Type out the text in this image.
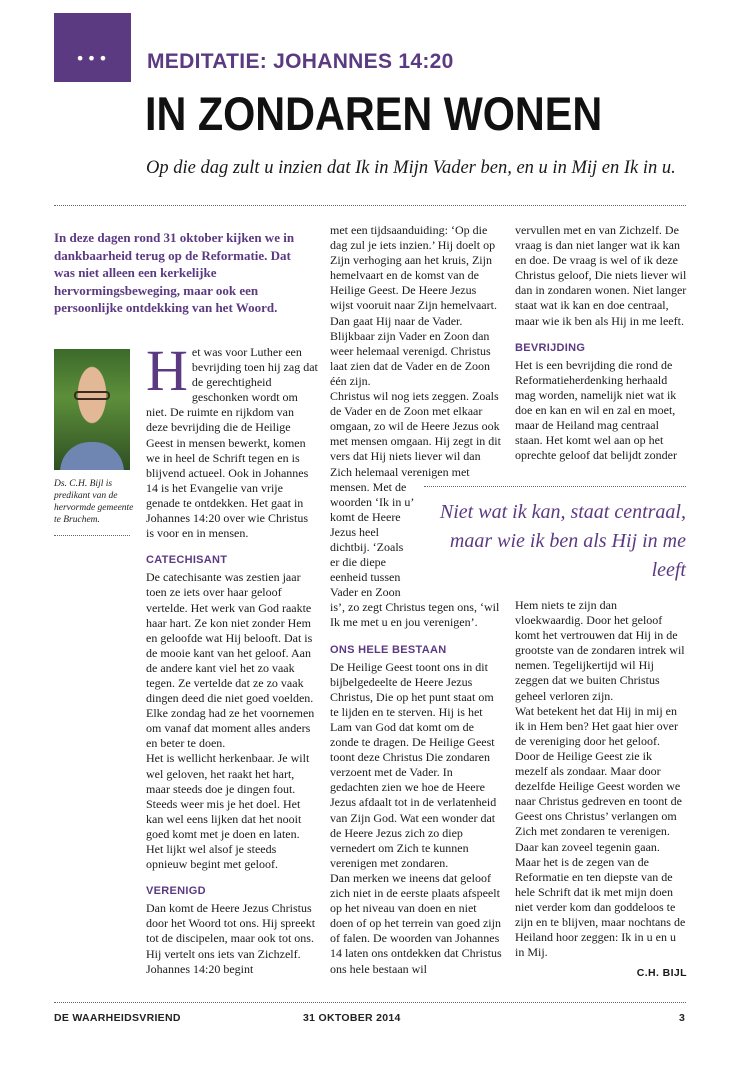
•••	MEDITATIE: JOHANNES 14:20
IN ZONDAREN WONEN
Op die dag zult u inzien dat Ik in Mijn Vader ben, en u in Mij en Ik in u.
In deze dagen rond 31 oktober kijken we in dankbaarheid terug op de Reformatie. Dat was niet alleen een kerkelijke hervormingsbeweging, maar ook een persoonlijke ontdekking van het Woord.
Ds. C.H. Bijl is predikant van de hervormde gemeente te Bruchem.

Het was voor Luther een bevrijding toen hij zag dat de gerechtigheid geschonken wordt om niet. De ruimte en rijkdom van deze bevrijding die de Heilige Geest in mensen bewerkt, komen we in heel de Schrift tegen en is blijvend actueel. Ook in Johannes 14 is het Evangelie van vrije genade te ontdekken. Het gaat in Johannes 14:20 over wie Christus is voor en in mensen.

CATECHISANT

De catechisante was zestien jaar toen ze iets over haar geloof vertelde. Het werk van God raakte haar hart. Ze kon niet zonder Hem en geloofde wat Hij belooft. Dat is de mooie kant van het geloof. Aan de andere kant viel het zo vaak tegen. Ze vertelde dat ze zo vaak dingen deed die niet goed voelden. Elke zondag had ze het voornemen om vanaf dat moment alles anders en beter te doen.

Het is wellicht herkenbaar. Je wilt wel geloven, het raakt het hart, maar steeds doe je dingen fout. Steeds weer mis je het doel. Het kan wel eens lijken dat het nooit goed komt met je doen en laten. Het lijkt wel alsof je steeds opnieuw begint met geloof.

VERENIGD

Dan komt de Heere Jezus Christus door het Woord tot ons. Hij spreekt tot de discipelen, maar ook tot ons. Hij vertelt ons iets van Zichzelf. Johannes 14:20 begint

met een tijdsaanduiding: ‘Op die dag zul je iets inzien.’ Hij doelt op Zijn verhoging aan het kruis, Zijn hemelvaart en de komst van de Heilige Geest. De Heere Jezus wijst vooruit naar Zijn hemelvaart. Dan gaat Hij naar de Vader. Blijkbaar zijn Vader en Zoon dan weer helemaal verenigd. Christus laat zien dat de Vader en de Zoon één zijn.

Christus wil nog iets zeggen. Zoals de Vader en de Zoon met elkaar omgaan, zo wil de Heere Jezus ook met mensen omgaan. Hij zegt in dit vers dat Hij niets liever wil dan Zich helemaal verenigen met mensen. Met de

woorden ‘Ik in u’ komt de Heere Jezus heel dichtbij. ‘Zoals er die diepe eenheid tussen Vader en Zoon

is’, zo zegt Christus tegen ons, ‘wil Ik me met u en jou verenigen’.

ONS HELE BESTAAN

De Heilige Geest toont ons in dit bijbelgedeelte de Heere Jezus Christus, Die op het punt staat om te lijden en te sterven. Hij is het Lam van God dat komt om de zonde te dragen. De Heilige Geest toont deze Christus Die zondaren verzoent met de Vader. In gedachten zien we hoe de Heere Jezus afdaalt tot in de verlatenheid van Zijn God. Wat een wonder dat de Heere Jezus zich zo diep vernedert om Zich te kunnen verenigen met zondaren.

Dan merken we ineens dat geloof zich niet in de eerste plaats afspeelt op het niveau van doen en niet doen of op het terrein van goed zijn of falen. De woorden van Johannes 14 laten ons ontdekken dat Christus ons hele bestaan wil

vervullen met en van Zichzelf. De vraag is dan niet langer wat ik kan en doe. De vraag is wel of ik deze Christus geloof, Die niets liever wil dan in zondaren wonen. Niet langer staat wat ik kan en doe centraal, maar wie ik ben als Hij in me leeft.

BEVRIJDING

Het is een bevrijding die rond de Reformatieherdenking herhaald mag worden, namelijk niet wat ik doe en kan en wil en zal en moet, maar de Heiland mag centraal staan. Het komt wel aan op het oprechte geloof dat belijdt zonder

Niet wat ik kan, staat centraal, maar wie ik ben als Hij in me leeft

Hem niets te zijn dan vloekwaardig. Door het geloof komt het vertrouwen dat Hij in de grootste van de zondaren intrek wil nemen. Tegelijkertijd wil Hij zeggen dat we buiten Christus geheel verloren zijn.

Wat betekent het dat Hij in mij en ik in Hem ben? Het gaat hier over de vereniging door het geloof. Door de Heilige Geest zie ik mezelf als zondaar. Maar door dezelfde Heilige Geest worden we naar Christus gedreven en toont de Geest ons Christus’ verlangen om Zich met zondaren te verenigen. Daar kan zoveel tegenin gaan. Maar het is de zegen van de Reformatie en ten diepste van de hele Schrift dat ik met mijn doen niet verder kom dan goddeloos te zijn en te blijven, maar nochtans de Heiland hoor zeggen: Ik in u en u in Mij.

C.H. BIJL
DE WAARHEIDSVRIEND	31 OKTOBER 2014	3
